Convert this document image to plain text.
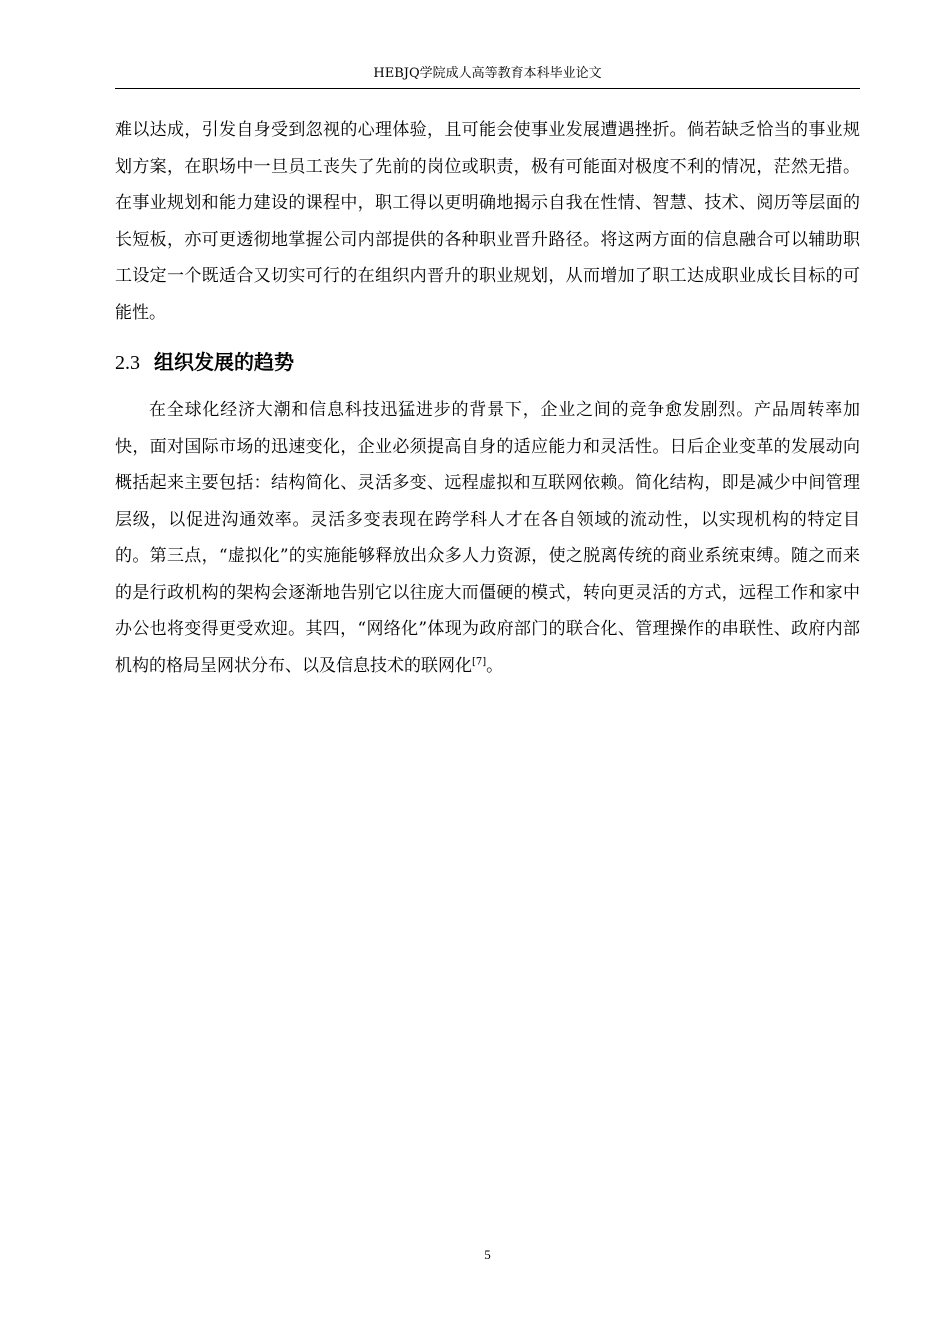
HEBJQ学院成人高等教育本科毕业论文

难以达成，引发自身受到忽视的心理体验，且可能会使事业发展遭遇挫折。倘若缺乏恰当的事业规划方案，在职场中一旦员工丧失了先前的岗位或职责，极有可能面对极度不利的情况，茫然无措。在事业规划和能力建设的课程中，职工得以更明确地揭示自我在性情、智慧、技术、阅历等层面的长短板，亦可更透彻地掌握公司内部提供的各种职业晋升路径。将这两方面的信息融合可以辅助职工设定一个既适合又切实可行的在组织内晋升的职业规划，从而增加了职工达成职业成长目标的可能性。

2.3 组织发展的趋势

在全球化经济大潮和信息科技迅猛进步的背景下，企业之间的竞争愈发剧烈。产品周转率加快，面对国际市场的迅速变化，企业必须提高自身的适应能力和灵活性。日后企业变革的发展动向概括起来主要包括：结构简化、灵活多变、远程虚拟和互联网依赖。简化结构，即是减少中间管理层级，以促进沟通效率。灵活多变表现在跨学科人才在各自领域的流动性，以实现机构的特定目的。第三点，“虚拟化”的实施能够释放出众多人力资源，使之脱离传统的商业系统束缚。随之而来的是行政机构的架构会逐渐地告别它以往庞大而僵硬的模式，转向更灵活的方式，远程工作和家中办公也将变得更受欢迎。其四，“网络化”体现为政府部门的联合化、管理操作的串联性、政府内部机构的格局呈网状分布、以及信息技术的联网化[7]。

5
